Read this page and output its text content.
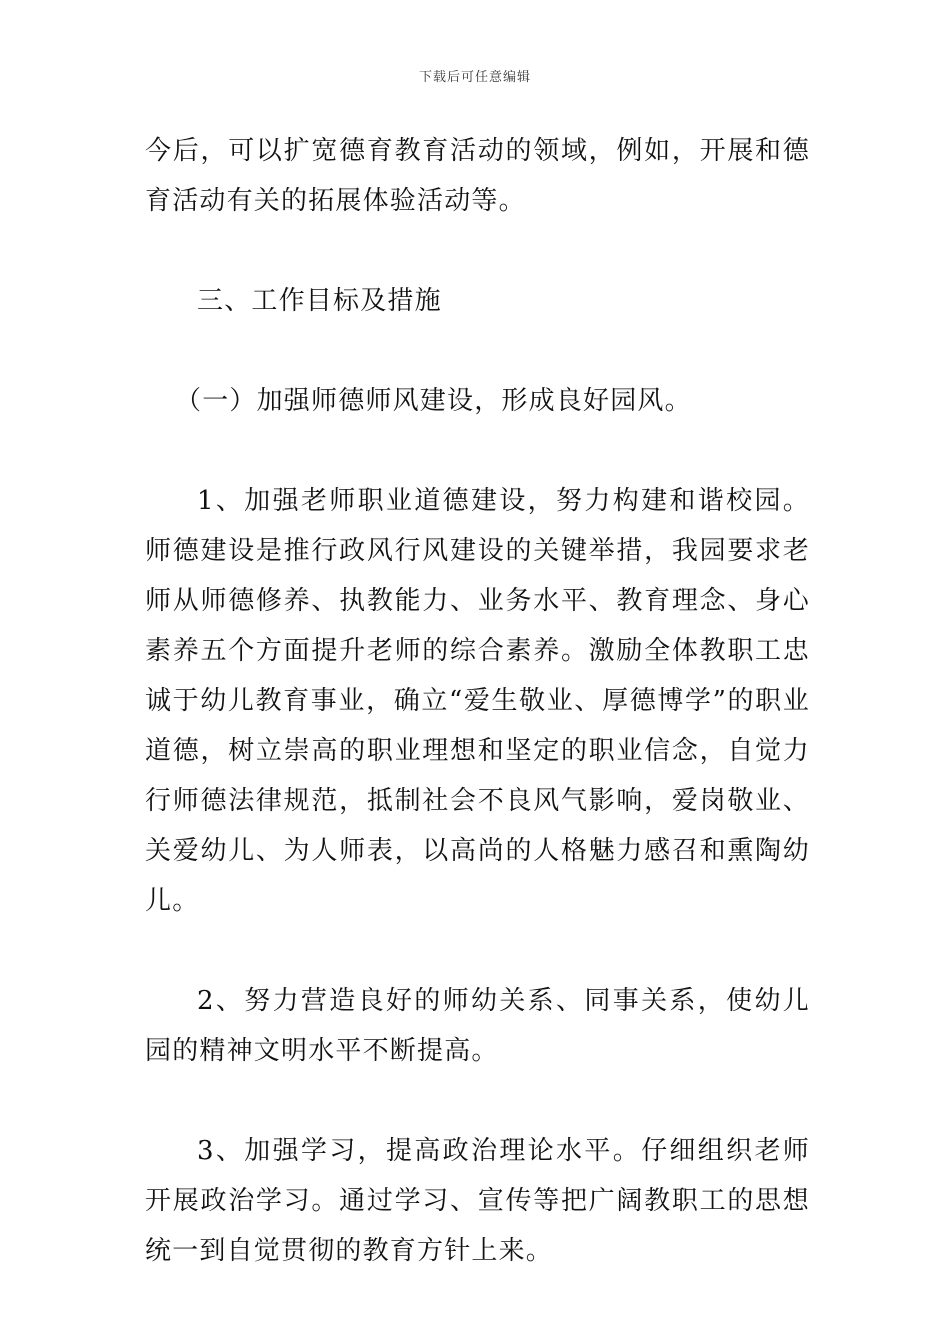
下载后可任意编辑

今后，可以扩宽德育教育活动的领域，例如，开展和德育活动有关的拓展体验活动等。

三、工作目标及措施

（一）加强师德师风建设，形成良好园风。

1、加强老师职业道德建设，努力构建和谐校园。师德建设是推行政风行风建设的关键举措，我园要求老师从师德修养、执教能力、业务水平、教育理念、身心素养五个方面提升老师的综合素养。激励全体教职工忠诚于幼儿教育事业，确立“爱生敬业、厚德博学”的职业道德，树立崇高的职业理想和坚定的职业信念，自觉力行师德法律规范，抵制社会不良风气影响，爱岗敬业、关爱幼儿、为人师表，以高尚的人格魅力感召和熏陶幼儿。

2、努力营造良好的师幼关系、同事关系，使幼儿园的精神文明水平不断提高。

3、加强学习，提高政治理论水平。仔细组织老师开展政治学习。通过学习、宣传等把广阔教职工的思想统一到自觉贯彻的教育方针上来。
